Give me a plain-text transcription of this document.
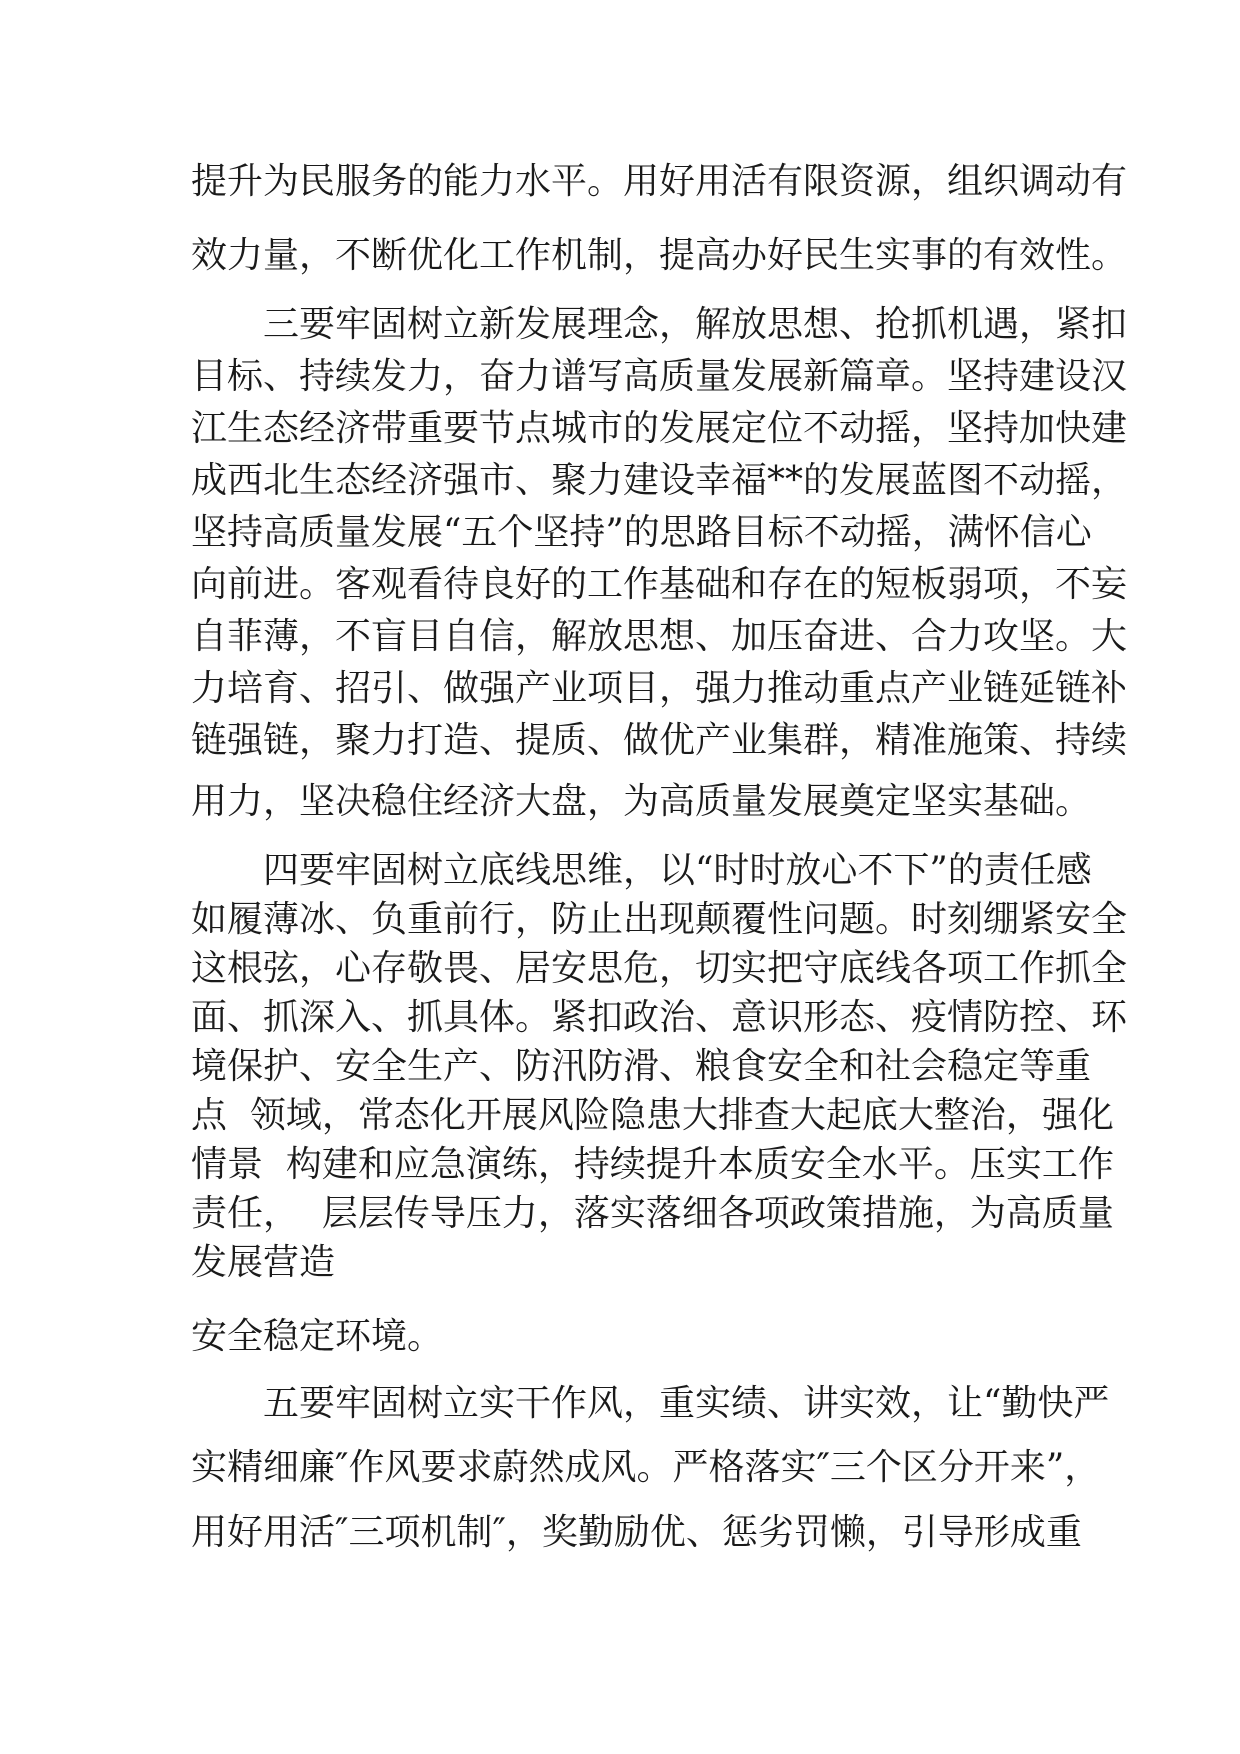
提升为民服务的能力水平。用好用活有限资源，组织调动有
效力量，不断优化工作机制，提高办好民生实事的有效性。
三要牢固树立新发展理念，解放思想、抢抓机遇，紧扣
目标、持续发力，奋力谱写高质量发展新篇章。坚持建设汉
江生态经济带重要节点城市的发展定位不动摇，坚持加快建
成西北生态经济强市、聚力建设幸福**的发展蓝图不动摇，
坚持高质量发展“五个坚持”的思路目标不动摇，满怀信心
向前进。客观看待良好的工作基础和存在的短板弱项，不妄
自菲薄，不盲目自信，解放思想、加压奋进、合力攻坚。大
力培育、招引、做强产业项目，强力推动重点产业链延链补
链强链，聚力打造、提质、做优产业集群，精准施策、持续
用力，坚决稳住经济大盘，为高质量发展奠定坚实基础。
四要牢固树立底线思维，以“时时放心不下”的责任感
如履薄冰、负重前行，防止出现颠覆性问题。时刻绷紧安全
这根弦，心存敬畏、居安思危，切实把守底线各项工作抓全
面、抓深入、抓具体。紧扣政治、意识形态、疫情防控、环
境保护、安全生产、防汛防滑、粮食安全和社会稳定等重
点  领域，常态化开展风险隐患大排查大起底大整治，强化
情景  构建和应急演练，持续提升本质安全水平。压实工作
责任，  层层传导压力，落实落细各项政策措施，为高质量
发展营造
安全稳定环境。
五要牢固树立实干作风，重实绩、讲实效，让“勤快严
实精细廉″作风要求蔚然成风。严格落实″三个区分开来”，
用好用活″三项机制″，奖勤励优、惩劣罚懒，引导形成重
